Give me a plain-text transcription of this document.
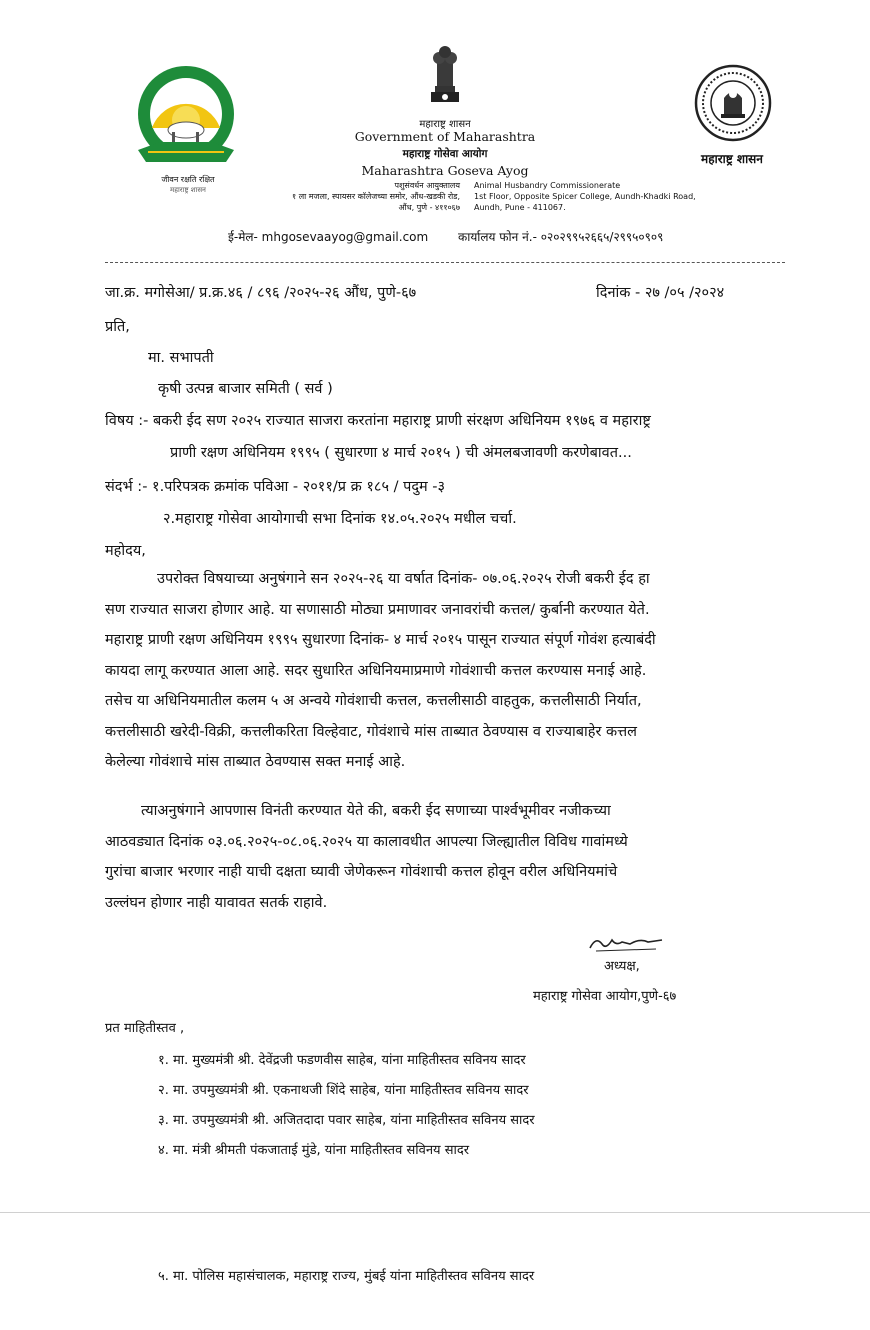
जीवन रक्षति रक्षित
महाराष्ट्र शासन
महाराष्ट्र शासन
Government of Maharashtra
महाराष्ट्र गोसेवा आयोग
Maharashtra Goseva Ayog
महाराष्ट्र शासन
पशुसंवर्धन आयुक्तालय
१ ला मजला, स्पायसर कॉलेजच्या समोर, औंध-खडकी रोड,
औंध, पुणे - ४११०६७
Animal Husbandry Commissionerate
1st Floor, Opposite Spicer College, Aundh-Khadki Road,
Aundh, Pune - 411067.
ई-मेल- mhgosevaayog@gmail.com कार्यालय फोन नं.- ०२०२९९५२६६५/२९९५०९०९
जा.क्र. मगोसेआ/ प्र.क्र.४६ / ८९६ /२०२५-२६ औंध, पुणे-६७	दिनांक - २७ /०५ /२०२४
प्रति,
मा. सभापती
कृषी उत्पन्न बाजार समिती ( सर्व )
विषय :- बकरी ईद सण २०२५ राज्यात साजरा करतांना महाराष्ट्र प्राणी संरक्षण अधिनियम १९७६ व महाराष्ट्र
प्राणी रक्षण अधिनियम १९९५ ( सुधारणा ४ मार्च २०१५ ) ची अंमलबजावणी करणेबावत...
संदर्भ :- १.परिपत्रक क्रमांक पविआ - २०११/प्र क्र १८५ / पदुम -३
२.महाराष्ट्र गोसेवा आयोगाची सभा दिनांक १४.०५.२०२५ मधील चर्चा.
महोदय,
उपरोक्त विषयाच्या अनुषंगाने सन २०२५-२६ या वर्षात दिनांक- ०७.०६.२०२५ रोजी बकरी ईद हा
सण राज्यात साजरा होणार आहे. या सणासाठी मोठ्या प्रमाणावर जनावरांची कत्तल/ कुर्बानी करण्यात येते.
महाराष्ट्र प्राणी रक्षण अधिनियम १९९५ सुधारणा दिनांक- ४ मार्च २०१५ पासून राज्यात संपूर्ण गोवंश हत्याबंदी
कायदा लागू करण्यात आला आहे. सदर सुधारित अधिनियमाप्रमाणे गोवंशाची कत्तल करण्यास मनाई आहे.
तसेच या अधिनियमातील कलम ५ अ अन्वये गोवंशाची कत्तल, कत्तलीसाठी वाहतुक, कत्तलीसाठी निर्यात,
कत्तलीसाठी खरेदी-विक्री, कत्तलीकरिता विल्हेवाट, गोवंशाचे मांस ताब्यात ठेवण्यास व राज्याबाहेर कत्तल
केलेल्या गोवंशाचे मांस ताब्यात ठेवण्यास सक्त मनाई आहे.
त्याअनुषंगाने आपणास विनंती करण्यात येते की, बकरी ईद सणाच्या पार्श्वभूमीवर नजीकच्या
आठवड्यात दिनांक ०३.०६.२०२५-०८.०६.२०२५ या कालावधीत आपल्या जिल्ह्यातील विविध गावांमध्ये
गुरांचा बाजार भरणार नाही याची दक्षता घ्यावी जेणेकरून गोवंशाची कत्तल होवून वरील अधिनियमांचे
उल्लंघन होणार नाही यावावत सतर्क राहावे.
अध्यक्ष,
महाराष्ट्र गोसेवा आयोग,पुणे-६७
प्रत माहितीस्तव ,
१. मा. मुख्यमंत्री श्री. देवेंद्रजी फडणवीस साहेब, यांना माहितीस्तव सविनय सादर
२. मा. उपमुख्यमंत्री श्री. एकनाथजी शिंदे साहेब, यांना माहितीस्तव सविनय सादर
३. मा. उपमुख्यमंत्री श्री. अजितदादा पवार साहेब, यांना माहितीस्तव सविनय सादर
४. मा. मंत्री श्रीमती पंकजाताई मुंडे, यांना माहितीस्तव सविनय सादर
५. मा. पोलिस महासंचालक, महाराष्ट्र राज्य, मुंबई यांना माहितीस्तव सविनय सादर
